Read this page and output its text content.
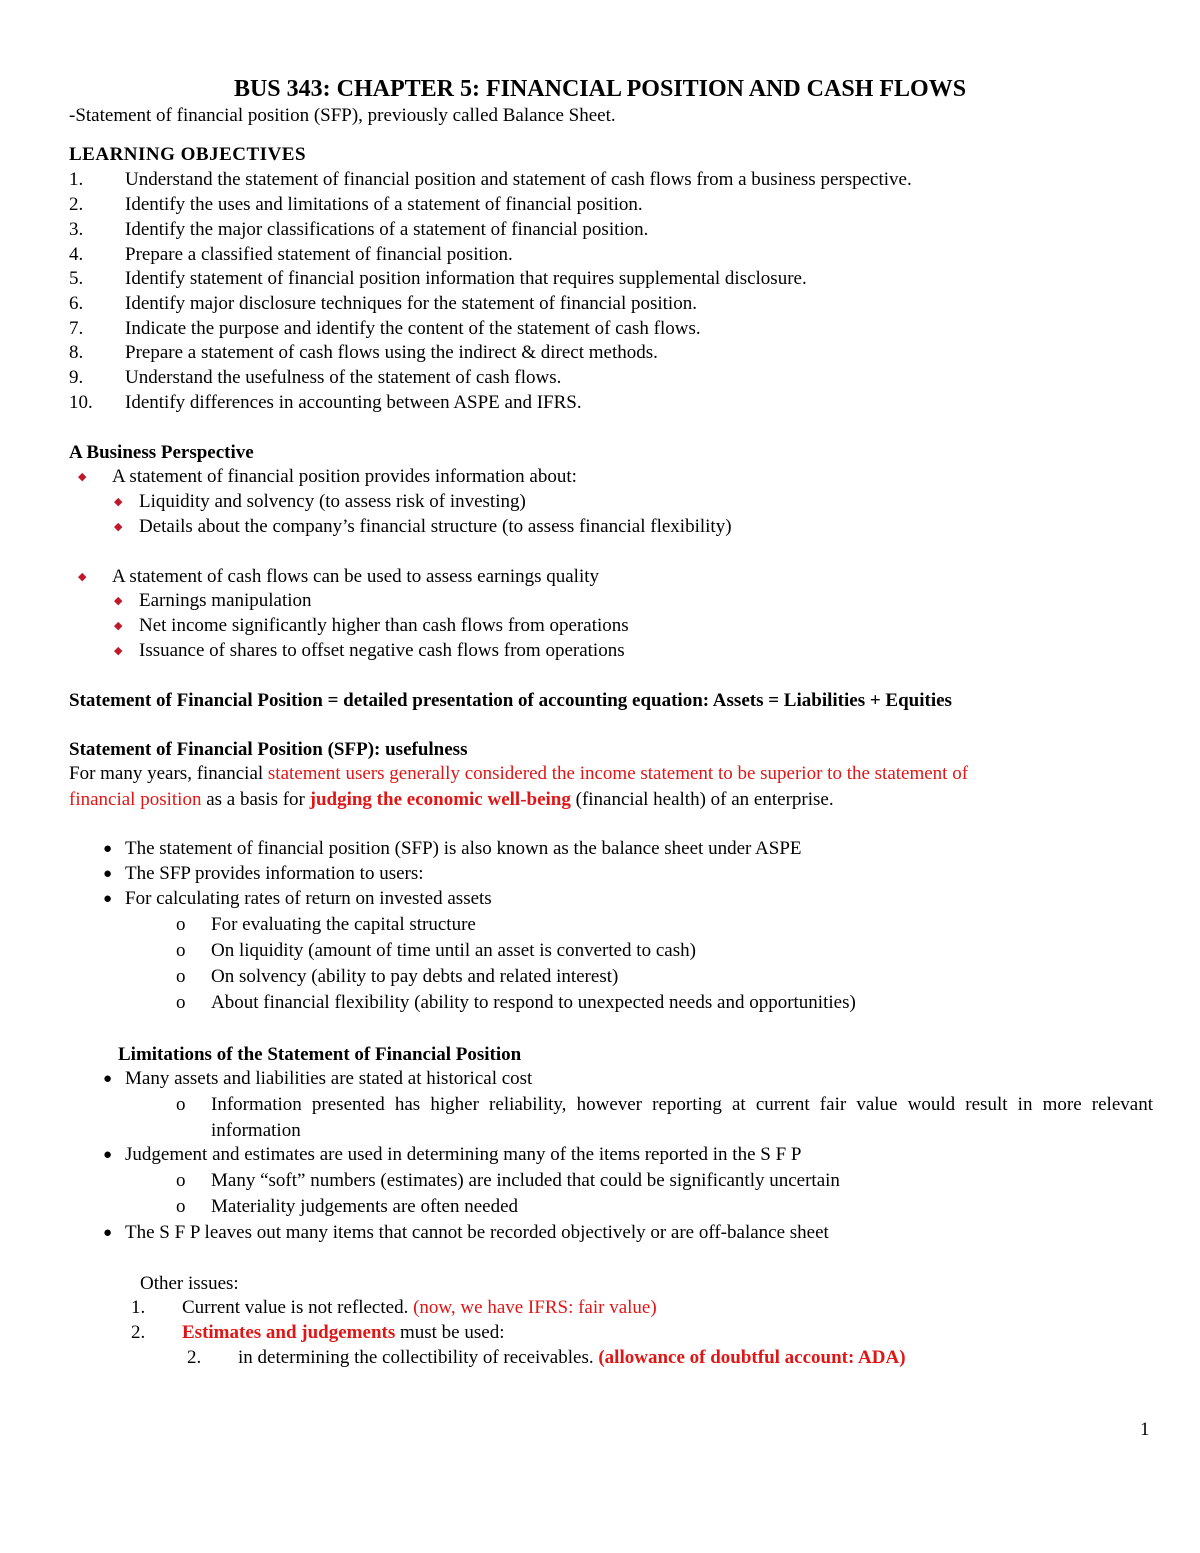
BUS 343: CHAPTER 5: FINANCIAL POSITION AND CASH FLOWS
-Statement of financial position (SFP), previously called Balance Sheet.
LEARNING OBJECTIVES
1. Understand the statement of financial position and statement of cash flows from a business perspective.
2. Identify the uses and limitations of a statement of financial position.
3. Identify the major classifications of a statement of financial position.
4. Prepare a classified statement of financial position.
5. Identify statement of financial position information that requires supplemental disclosure.
6. Identify major disclosure techniques for the statement of financial position.
7. Indicate the purpose and identify the content of the statement of cash flows.
8. Prepare a statement of cash flows using the indirect & direct methods.
9. Understand the usefulness of the statement of cash flows.
10. Identify differences in accounting between ASPE and IFRS.
A Business Perspective
◆ A statement of financial position provides information about:
◆ Liquidity and solvency (to assess risk of investing)
◆ Details about the company’s financial structure (to assess financial flexibility)
◆ A statement of cash flows can be used to assess earnings quality
◆ Earnings manipulation
◆ Net income significantly higher than cash flows from operations
◆ Issuance of shares to offset negative cash flows from operations
Statement of Financial Position = detailed presentation of accounting equation: Assets = Liabilities + Equities
Statement of Financial Position (SFP): usefulness
For many years, financial statement users generally considered the income statement to be superior to the statement of
financial position as a basis for judging the economic well-being (financial health) of an enterprise.
● The statement of financial position (SFP) is also known as the balance sheet under ASPE
● The SFP provides information to users:
● For calculating rates of return on invested assets
o For evaluating the capital structure
o On liquidity (amount of time until an asset is converted to cash)
o On solvency (ability to pay debts and related interest)
o About financial flexibility (ability to respond to unexpected needs and opportunities)
Limitations of the Statement of Financial Position
● Many assets and liabilities are stated at historical cost
o Information presented has higher reliability, however reporting at current fair value would result in more relevant information
● Judgement and estimates are used in determining many of the items reported in the S F P
o Many “soft” numbers (estimates) are included that could be significantly uncertain
o Materiality judgements are often needed
● The S F P leaves out many items that cannot be recorded objectively or are off-balance sheet
Other issues:
1. Current value is not reflected. (now, we have IFRS: fair value)
2. Estimates and judgements must be used:
2. in determining the collectibility of receivables. (allowance of doubtful account: ADA)
1
